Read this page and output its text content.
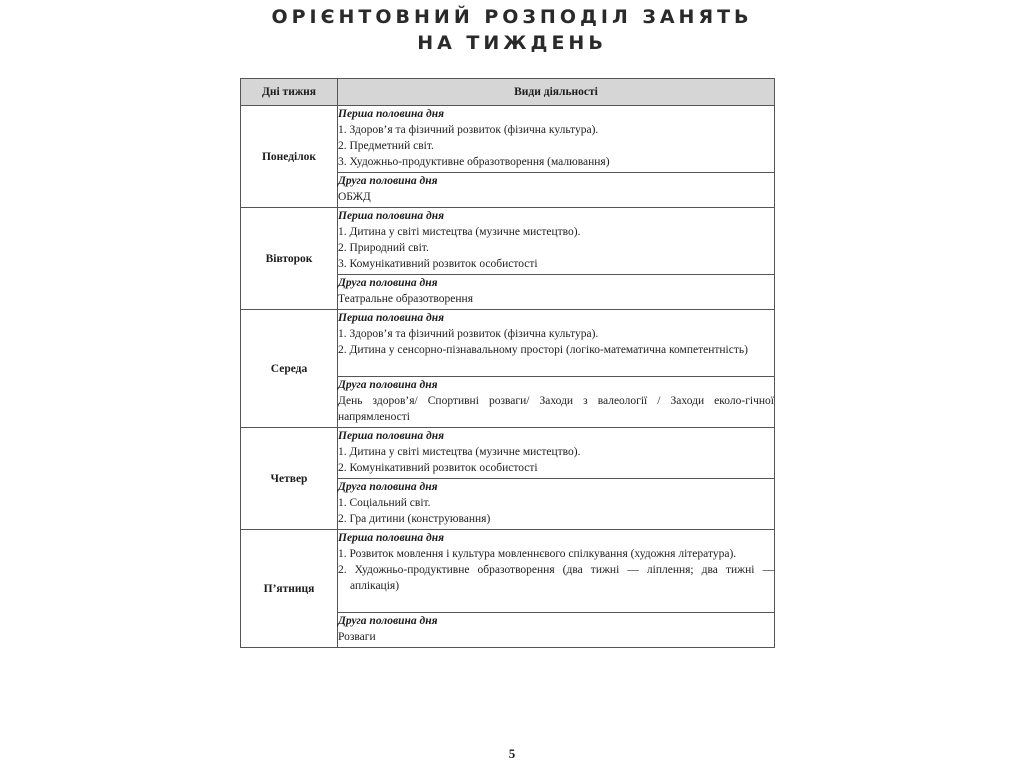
ОРІЄНТОВНИЙ РОЗПОДІЛ ЗАНЯТЬ
НА ТИЖДЕНЬ
Дні тижня	Види діяльності
Понеділок	Перша половина дня
1. Здоров’я та фізичний розвиток (фізична культура).
2. Предметний світ.
3. Художньо-продуктивне образотворення (малювання)

	Друга половина дня
ОБЖД

Вівторок	Перша половина дня
1. Дитина у світі мистецтва (музичне мистецтво).
2. Природний світ.
3. Комунікативний розвиток особистості

	Друга половина дня
Театральне образотворення

Середа	Перша половина дня
1. Здоров’я та фізичний розвиток (фізична культура).
2. Дитина у сенсорно-пізнавальному просторі (логіко-математична компетентність)

	Друга половина дня
День здоров’я/ Спортивні розваги/ Заходи з валеології / Заходи еколо-гічної напрямленості

Четвер	Перша половина дня
1. Дитина у світі мистецтва (музичне мистецтво).
2. Комунікативний розвиток особистості

	Друга половина дня
1. Соціальний світ.
2. Гра дитини (конструювання)

П’ятниця	Перша половина дня
1. Розвиток мовлення і культура мовленнєвого спілкування (художня література).
2. Художньо-продуктивне образотворення (два тижні — ліплення; два тижні — аплікація)

	Друга половина дня
Розваги
5
